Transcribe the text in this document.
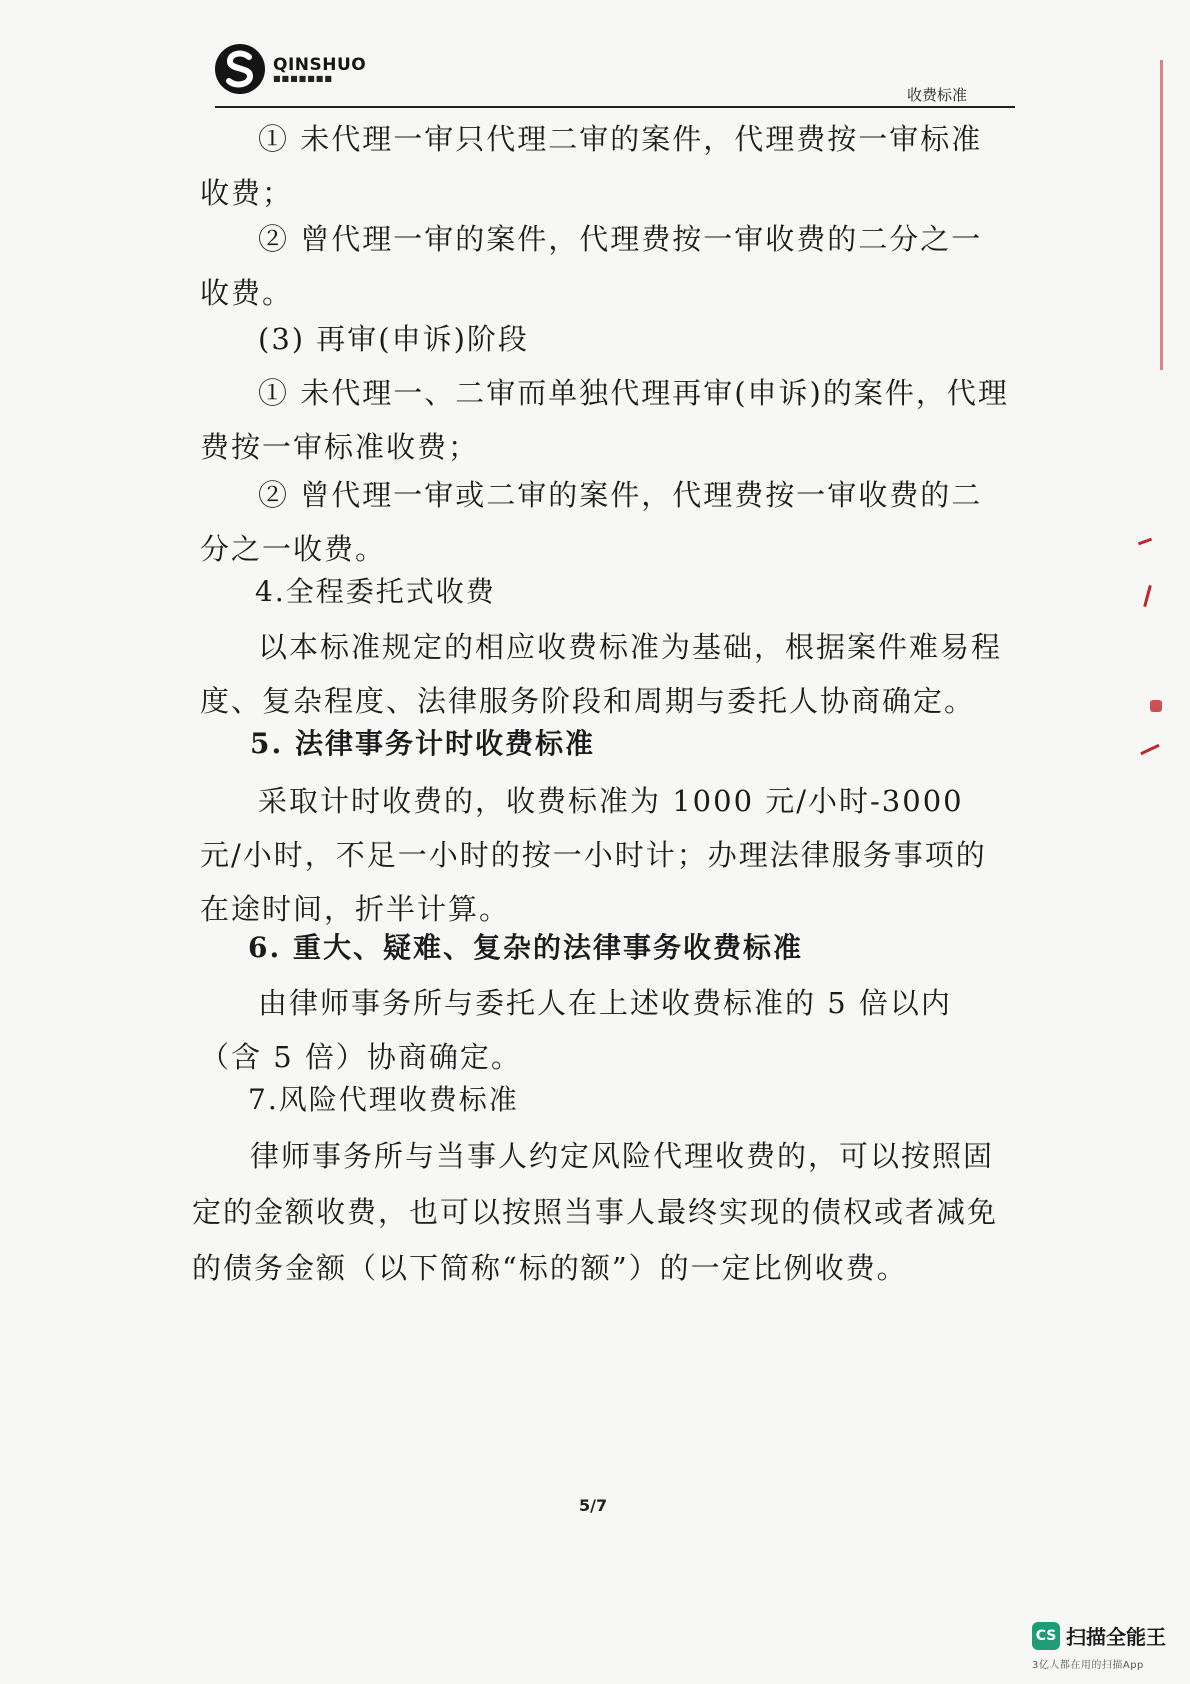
QINSHUO
■■■■■■■
收费标准

① 未代理一审只代理二审的案件，代理费按一审标准收费；

② 曾代理一审的案件，代理费按一审收费的二分之一收费。

(3) 再审(申诉)阶段

① 未代理一、二审而单独代理再审(申诉)的案件，代理费按一审标准收费；

② 曾代理一审或二审的案件，代理费按一审收费的二分之一收费。

4.全程委托式收费

以本标准规定的相应收费标准为基础，根据案件难易程度、复杂程度、法律服务阶段和周期与委托人协商确定。

5. 法律事务计时收费标准

采取计时收费的，收费标准为 1000 元/小时-3000 元/小时，不足一小时的按一小时计；办理法律服务事项的在途时间，折半计算。

6. 重大、疑难、复杂的法律事务收费标准

由律师事务所与委托人在上述收费标准的 5 倍以内（含 5 倍）协商确定。

7.风险代理收费标准

律师事务所与当事人约定风险代理收费的，可以按照固定的金额收费，也可以按照当事人最终实现的债权或者减免的债务金额（以下简称“标的额”）的一定比例收费。

5/7
CS 扫描全能王
3亿人都在用的扫描App
